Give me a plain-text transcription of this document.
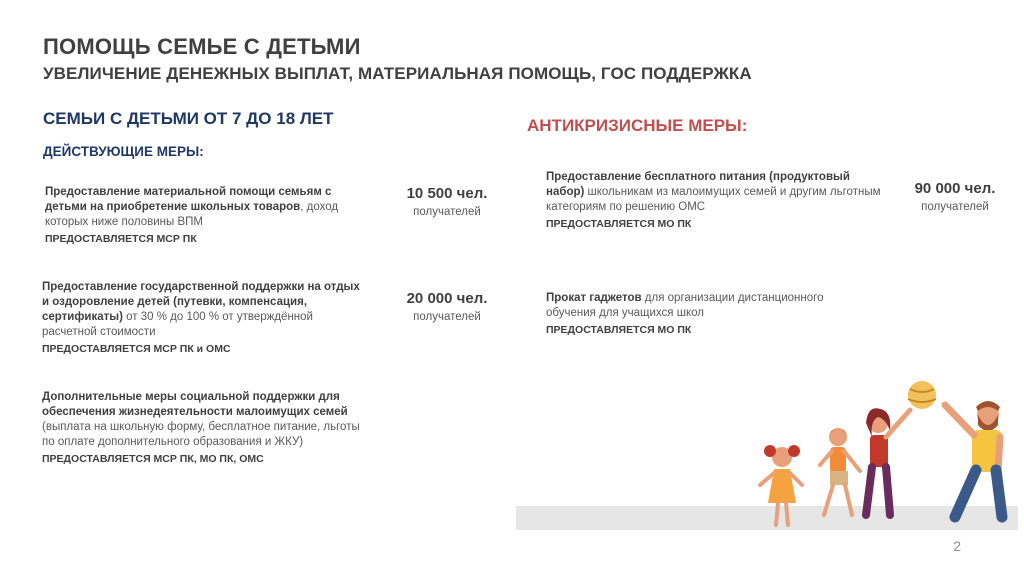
ПОМОЩЬ СЕМЬЕ С ДЕТЬМИ
УВЕЛИЧЕНИЕ ДЕНЕЖНЫХ ВЫПЛАТ, МАТЕРИАЛЬНАЯ ПОМОЩЬ, ГОС ПОДДЕРЖКА
СЕМЬИ С ДЕТЬМИ ОТ 7 ДО 18 ЛЕТ
ДЕЙСТВУЮЩИЕ МЕРЫ:
Предоставление материальной помощи семьям с детьми на приобретение школьных товаров, доход которых ниже половины ВПМ
ПРЕДОСТАВЛЯЕТСЯ МСР ПК
10 500 чел.
получателей
Предоставление государственной поддержки на отдых и оздоровление детей (путевки, компенсация, сертификаты) от 30 % до 100 % от утверждённой расчетной стоимости
ПРЕДОСТАВЛЯЕТСЯ МСР ПК и ОМС
20 000 чел.
получателей
Дополнительные меры социальной поддержки для обеспечения жизнедеятельности малоимущих семей (выплата на школьную форму, бесплатное питание, льготы по оплате дополнительного образования и ЖКУ)
ПРЕДОСТАВЛЯЕТСЯ МСР ПК, МО ПК, ОМС
АНТИКРИЗИСНЫЕ МЕРЫ:
Предоставление бесплатного питания (продуктовый набор) школьникам из малоимущих семей и другим льготным категориям по решению ОМС
ПРЕДОСТАВЛЯЕТСЯ МО ПК
90 000 чел.
получателей
Прокат гаджетов для организации дистанционного обучения для учащихся школ
ПРЕДОСТАВЛЯЕТСЯ МО ПК
2
